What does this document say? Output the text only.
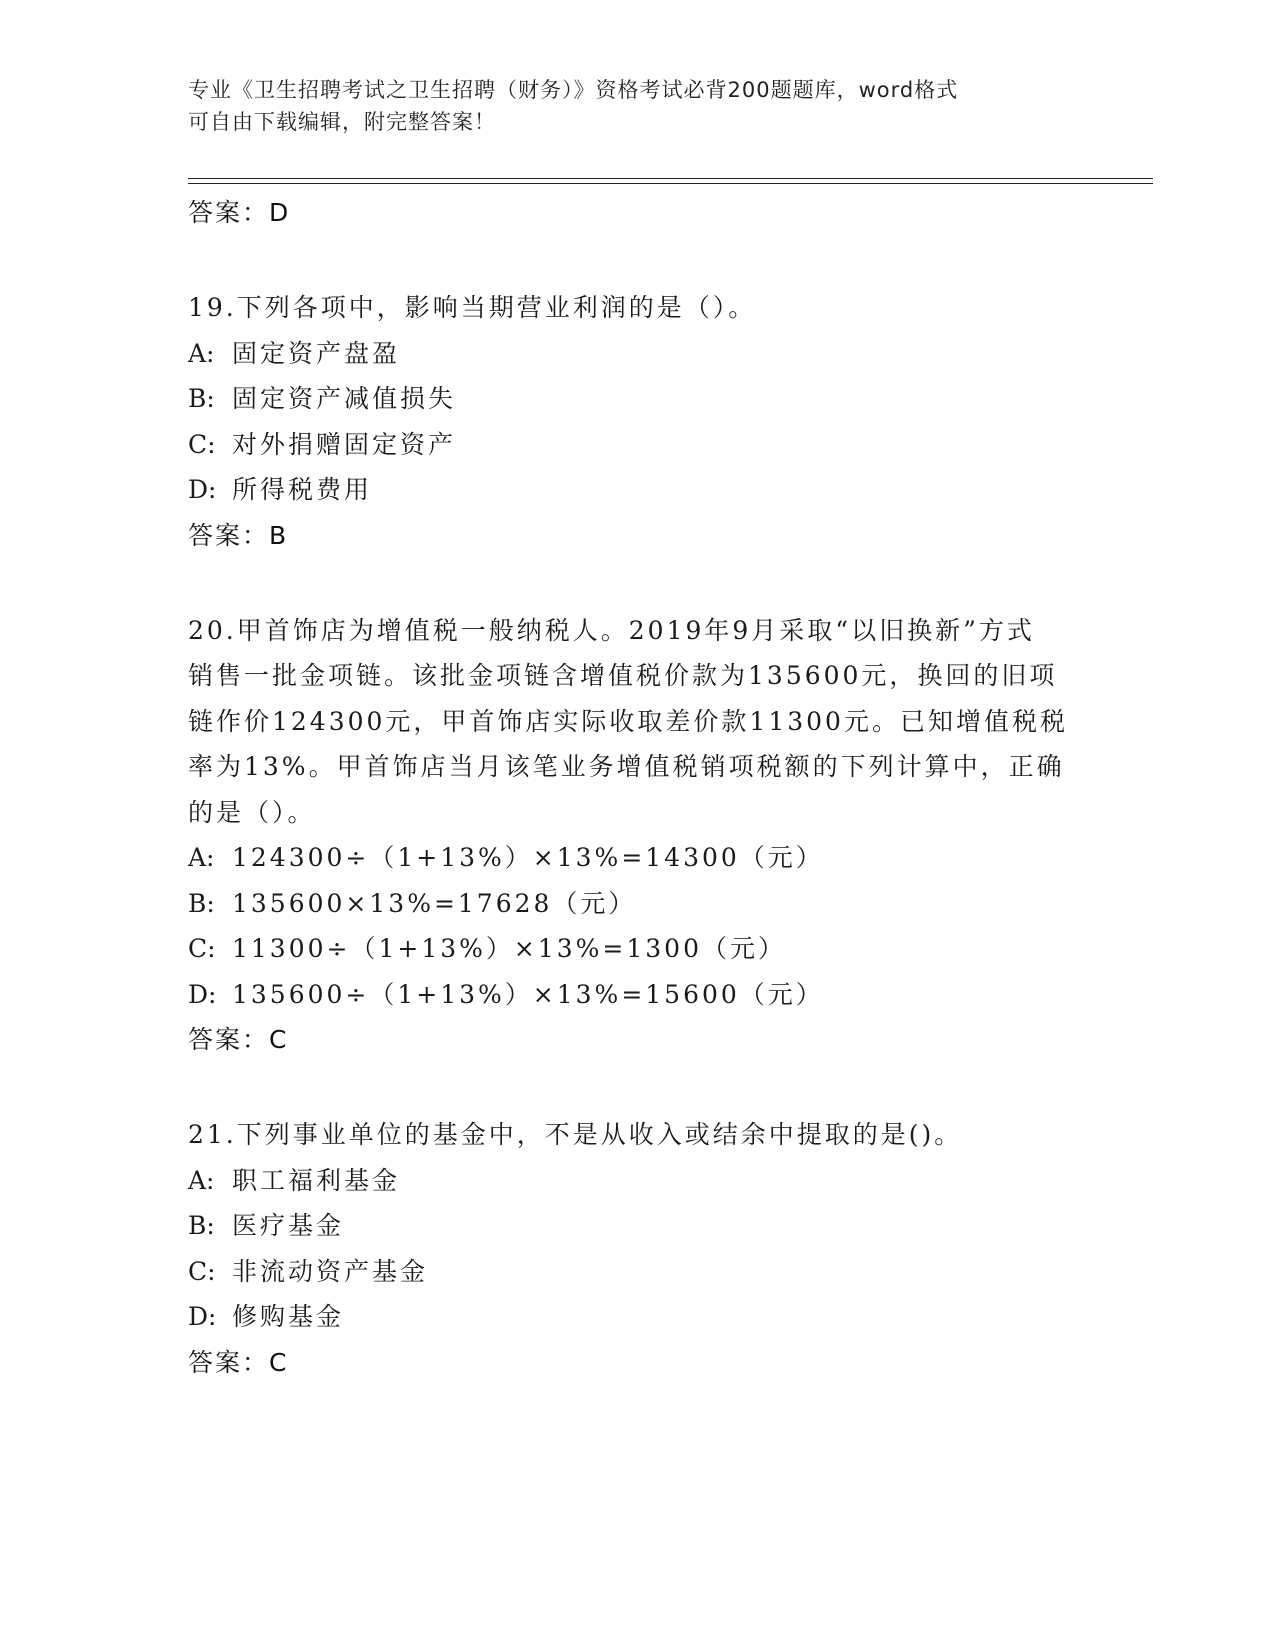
专业《卫生招聘考试之卫生招聘（财务）》资格考试必背200题题库，word格式
可自由下载编辑，附完整答案！
答案：D
19.下列各项中，影响当期营业利润的是（）。
A: 固定资产盘盈
B: 固定资产减值损失
C: 对外捐赠固定资产
D: 所得税费用
答案：B
20.甲首饰店为增值税一般纳税人。2019年9月采取“以旧换新”方式
销售一批金项链。该批金项链含增值税价款为135600元，换回的旧项
链作价124300元，甲首饰店实际收取差价款11300元。已知增值税税
率为13%。甲首饰店当月该笔业务增值税销项税额的下列计算中，正确
的是（）。
A: 124300÷（1+13%）×13%=14300（元）
B: 135600×13%=17628（元）
C: 11300÷（1+13%）×13%=1300（元）
D: 135600÷（1+13%）×13%=15600（元）
答案：C
21.下列事业单位的基金中，不是从收入或结余中提取的是()。
A: 职工福利基金
B: 医疗基金
C: 非流动资产基金
D: 修购基金
答案：C
